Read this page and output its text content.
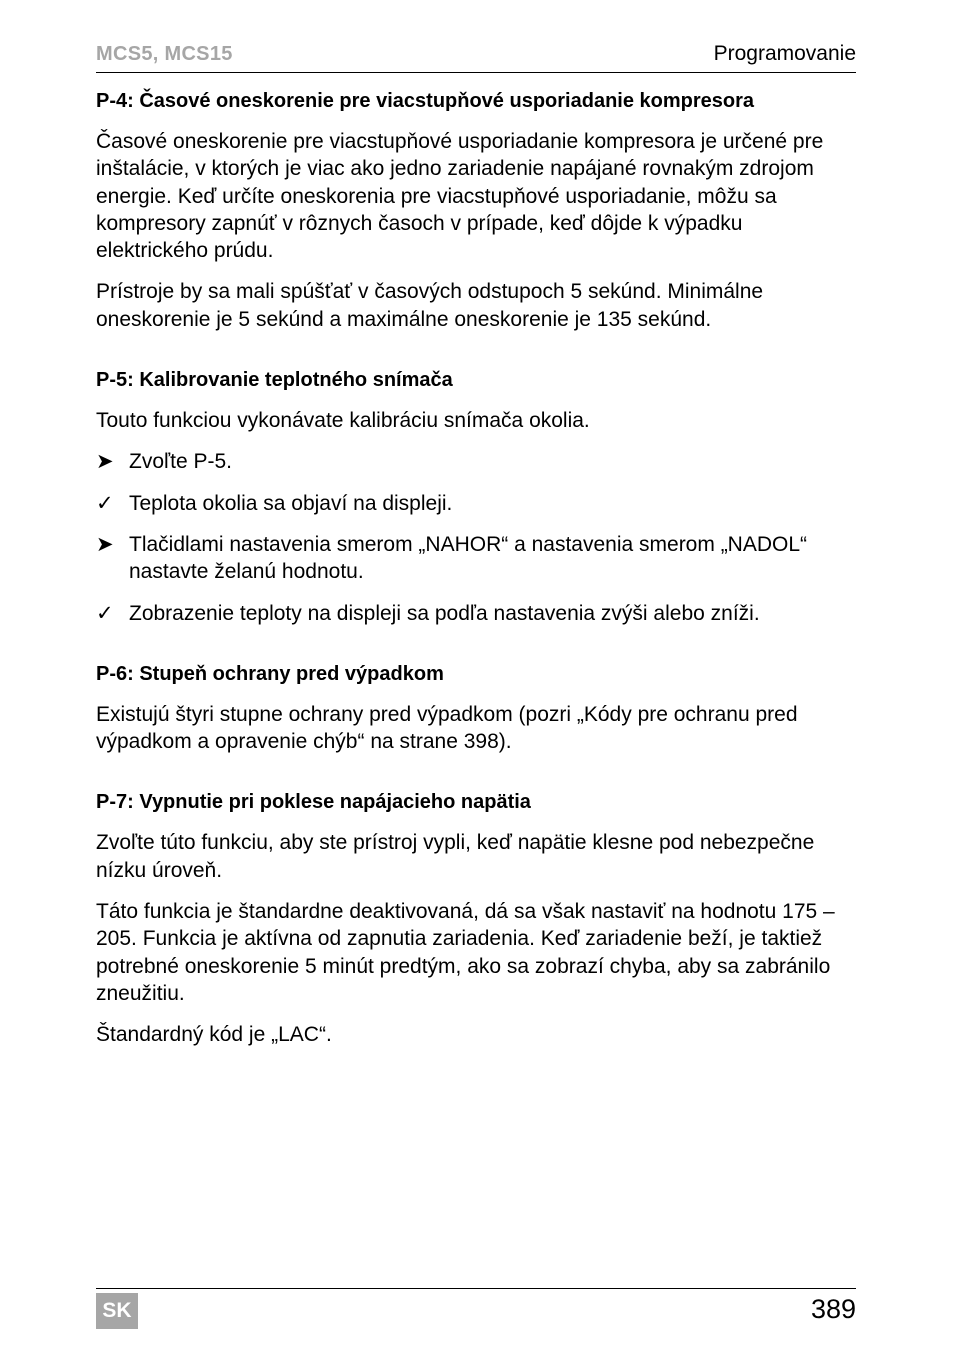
MCS5, MCS15	Programovanie
P-4: Časové oneskorenie pre viacstupňové usporiadanie kompresora

Časové oneskorenie pre viacstupňové usporiadanie kompresora je určené pre inštalácie, v ktorých je viac ako jedno zariadenie napájané rovnakým zdrojom energie. Keď určíte oneskorenia pre viacstupňové usporiadanie, môžu sa kompresory zapnúť v rôznych časoch v prípade, keď dôjde k výpadku elektrického prúdu.

Prístroje by sa mali spúšťať v časových odstupoch 5 sekúnd. Minimálne oneskorenie je 5 sekúnd a maximálne oneskorenie je 135 sekúnd.

P-5: Kalibrovanie teplotného snímača

Touto funkciou vykonávate kalibráciu snímača okolia.

➤ Zvoľte P-5.
✓ Teplota okolia sa objaví na displeji.
➤ Tlačidlami nastavenia smerom „NAHOR“ a nastavenia smerom „NADOL“ nastavte želanú hodnotu.
✓ Zobrazenie teploty na displeji sa podľa nastavenia zvýši alebo zníži.
P-6: Stupeň ochrany pred výpadkom

Existujú štyri stupne ochrany pred výpadkom (pozri „Kódy pre ochranu pred výpadkom a opravenie chýb“ na strane 398).

P-7: Vypnutie pri poklese napájacieho napätia

Zvoľte túto funkciu, aby ste prístroj vypli, keď napätie klesne pod nebezpečne nízku úroveň.

Táto funkcia je štandardne deaktivovaná, dá sa však nastaviť na hodnotu 175 – 205. Funkcia je aktívna od zapnutia zariadenia. Keď zariadenie beží, je taktiež potrebné oneskorenie 5 minút predtým, ako sa zobrazí chyba, aby sa zabránilo zneužitiu.

Štandardný kód je „LAC“.

SK	389
